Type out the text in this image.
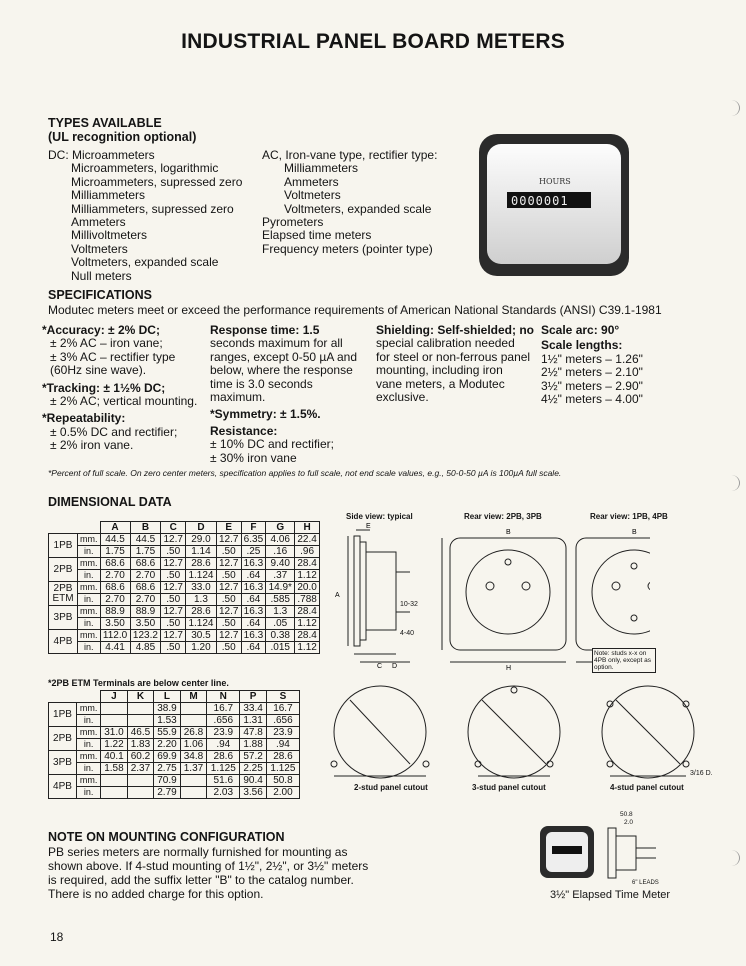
INDUSTRIAL PANEL BOARD METERS
TYPES AVAILABLE
(UL recognition optional)
DC: Microammeters
Microammeters, logarithmic
Microammeters, supressed zero
Milliammeters
Milliammeters, supressed zero
Ammeters
Millivoltmeters
Voltmeters
Voltmeters, expanded scale
Null meters
AC, Iron-vane type, rectifier type:
Milliammeters
Ammeters
Voltmeters
Voltmeters, expanded scale
Pyrometers
Elapsed time meters
Frequency meters (pointer type)
HOURS
0000001
SPECIFICATIONS
Modutec meters meet or exceed the performance requirements of American National Standards (ANSI) C39.1-1981
*Accuracy: ± 2% DC;
± 2% AC – iron vane;
± 3% AC – rectifier type
(60Hz sine wave).
*Tracking: ± 1½% DC;
± 2% AC; vertical mounting.
*Repeatability:
± 0.5% DC and rectifier;
± 2% iron vane.
Response time: 1.5
seconds maximum for all
ranges, except 0-50 µA and
below, where the response
time is 3.0 seconds
maximum.
*Symmetry: ± 1.5%.
Resistance:
± 10% DC and rectifier;
± 30% iron vane
Shielding: Self-shielded; no
special calibration needed
for steel or non-ferrous panel
mounting, including iron
vane meters, a Modutec
exclusive.
Scale arc: 90°
Scale lengths:
1½" meters – 1.26"
2½" meters – 2.10"
3½" meters – 2.90"
4½" meters – 4.00"
*Percent of full scale. On zero center meters, specification applies to full scale, not end scale values, e.g., 50-0-50 µA is 100µA full scale.
DIMENSIONAL DATA
		A	B	C	D	E	F	G	H
1PB	mm.	44.5	44.5	12.7	29.0	12.7	6.35	4.06	22.4
	in.	1.75	1.75	.50	1.14	.50	.25	.16	.96
2PB	mm.	68.6	68.6	12.7	28.6	12.7	16.3	9.40	28.4
	in.	2.70	2.70	.50	1.124	.50	.64	.37	1.12
2PB ETM	mm.	68.6	68.6	12.7	33.0	12.7	16.3	14.9*	20.0
	in.	2.70	2.70	.50	1.3	.50	.64	.585	.788
3PB	mm.	88.9	88.9	12.7	28.6	12.7	16.3	1.3	28.4
	in.	3.50	3.50	.50	1.124	.50	.64	.05	1.12
4PB	mm.	112.0	123.2	12.7	30.5	12.7	16.3	0.38	28.4
	in.	4.41	4.85	.50	1.20	.50	.64	.015	1.12
*2PB ETM Terminals are below center line.
		J	K	L	M	N	P	S
1PB	mm.			38.9		16.7	33.4	16.7
	in.			1.53		.656	1.31	.656
2PB	mm.	31.0	46.5	55.9	26.8	23.9	47.8	23.9
	in.	1.22	1.83	2.20	1.06	.94	1.88	.94
3PB	mm.	40.1	60.2	69.9	34.8	28.6	57.2	28.6
	in.	1.58	2.37	2.75	1.37	1.125	2.25	1.125
4PB	mm.			70.9		51.6	90.4	50.8
	in.			2.79		2.03	3.56	2.00
Side view: typical	Rear view: 2PB, 3PB	Rear view: 1PB, 4PB
A
E
C D
B
H
B
10-32
4-40
Note: studs x-x on 4PB only, except as option.
2-stud panel cutout	3-stud panel cutout	4-stud panel cutout
3/16 D.
NOTE ON MOUNTING CONFIGURATION
PB series meters are normally furnished for mounting as
shown above. If 4-stud mounting of 1½", 2½", or 3½" meters
is required, add the suffix letter "B" to the catalog number.
There is no added charge for this option.
50.8
2.0
6" LEADS
3½" Elapsed Time Meter
18
